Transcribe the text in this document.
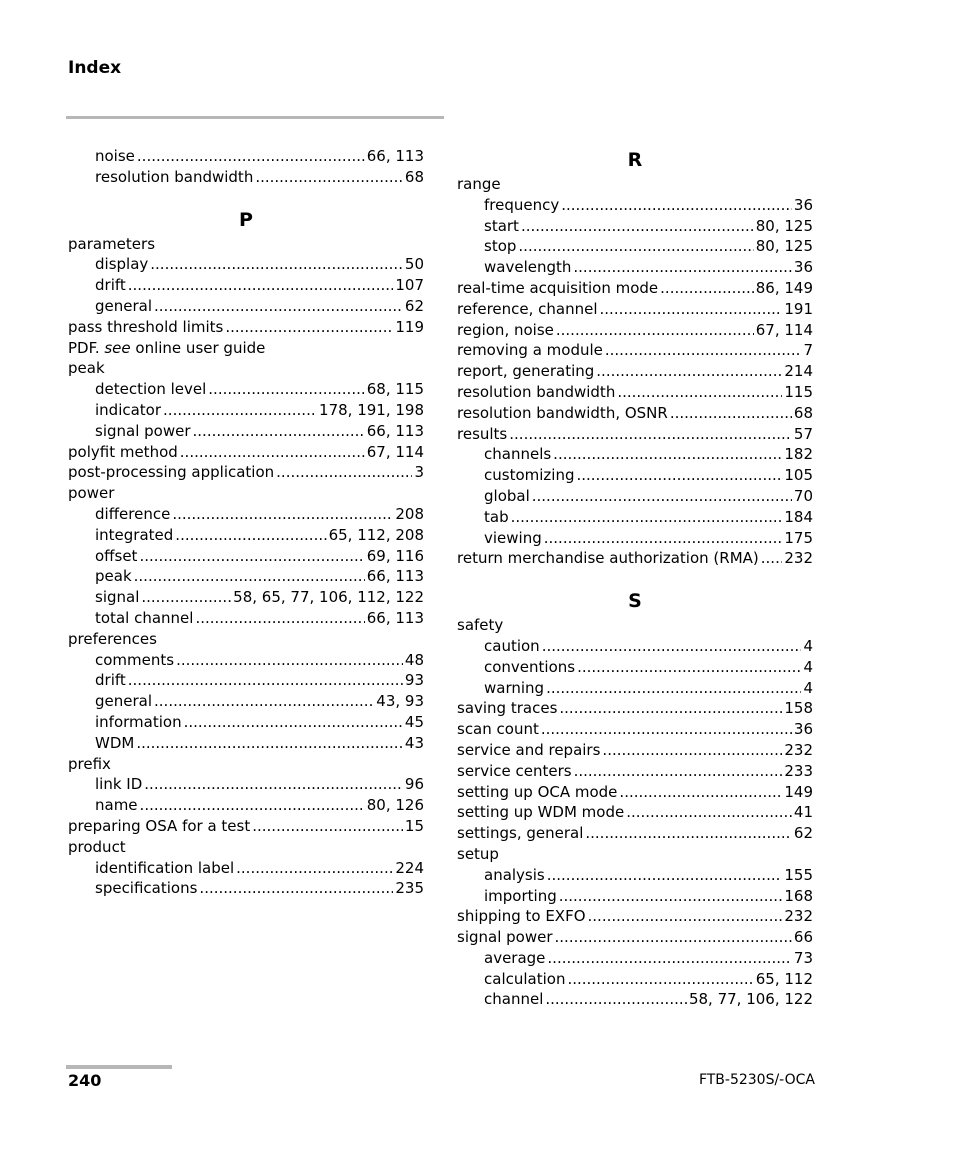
Index
noise .....	66, 113
resolution bandwidth .....	68
P
parameters
display .....	50
drift .....	107
general .....	62
pass threshold limits .....	119
PDF. see online user guide
peak
detection level .....	68, 115
indicator .....	178, 191, 198
signal power .....	66, 113
polyfit method .....	67, 114
post-processing application .....	3
power
difference .....	208
integrated .....	65, 112, 208
offset .....	69, 116
peak .....	66, 113
signal .....	58, 65, 77, 106, 112, 122
total channel .....	66, 113
preferences
comments .....	48
drift .....	93
general .....	43, 93
information .....	45
WDM .....	43
prefix
link ID .....	96
name .....	80, 126
preparing OSA for a test .....	15
product
identification label .....	224
specifications .....	235
R
range
frequency .....	36
start .....	80, 125
stop .....	80, 125
wavelength .....	36
real-time acquisition mode .....	86, 149
reference, channel .....	191
region, noise .....	67, 114
removing a module .....	7
report, generating .....	214
resolution bandwidth .....	115
resolution bandwidth, OSNR .....	68
results .....	57
channels .....	182
customizing .....	105
global .....	70
tab .....	184
viewing .....	175
return merchandise authorization (RMA) ..... 232
S
safety
caution .....	4
conventions .....	4
warning .....	4
saving traces .....	158
scan count .....	36
service and repairs .....	232
service centers .....	233
setting up OCA mode .....	149
setting up WDM mode .....	41
settings, general .....	62
setup
analysis .....	155
importing .....	168
shipping to EXFO .....	232
signal power .....	66
average .....	73
calculation .....	65, 112
channel .....	58, 77, 106, 122
240	FTB-5230S/-OCA
